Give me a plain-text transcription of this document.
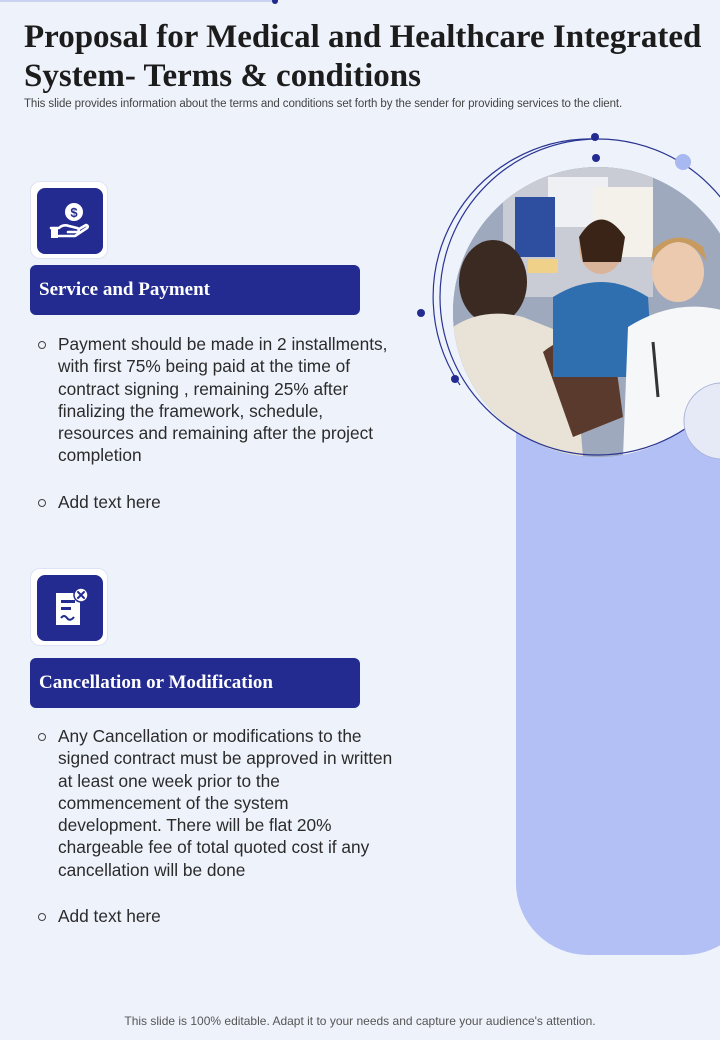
Proposal for Medical and Healthcare Integrated System- Terms & conditions
This slide provides information about the terms and conditions set forth by the sender for providing services to the client.
$
Service and Payment
Payment should be made in 2 installments, with first 75% being paid at the time of contract signing , remaining 25% after finalizing the framework, schedule, resources and remaining after the project completion
Add text here
Cancellation or Modification
Any Cancellation or modifications to the signed contract must be approved in written at least one week prior to the commencement of the system development. There will be flat 20% chargeable fee of total quoted cost if any cancellation will be done
Add text here
This slide is 100% editable. Adapt it to your needs and capture your audience's attention.
